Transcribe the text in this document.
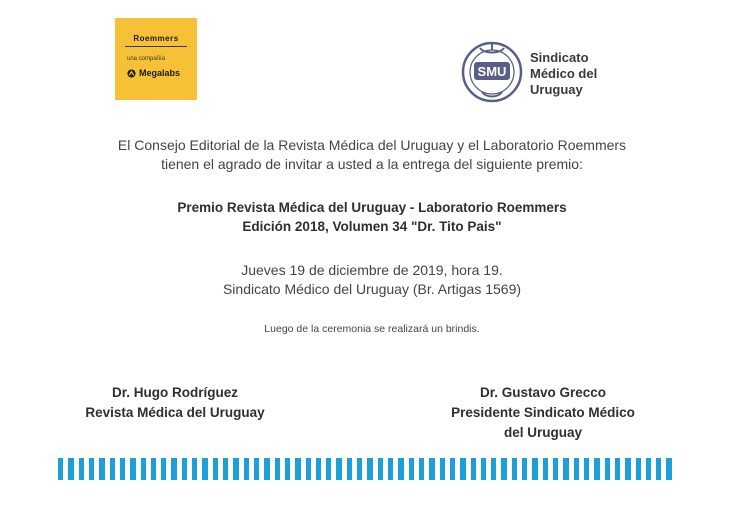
Roemmers
una compañía
Megalabs	SMU
Sindicato
Médico del
Uruguay
El Consejo Editorial de la Revista Médica del Uruguay y el Laboratorio Roemmers
tienen el agrado de invitar a usted a la entrega del siguiente premio:
Premio Revista Médica del Uruguay - Laboratorio Roemmers
Edición 2018, Volumen 34 "Dr. Tito Pais"
Jueves 19 de diciembre de 2019, hora 19.
Sindicato Médico del Uruguay (Br. Artigas 1569)
Luego de la ceremonia se realizará un brindis.
Dr. Hugo Rodríguez
Revista Médica del Uruguay
Dr. Gustavo Grecco
Presidente Sindicato Médico
del Uruguay
